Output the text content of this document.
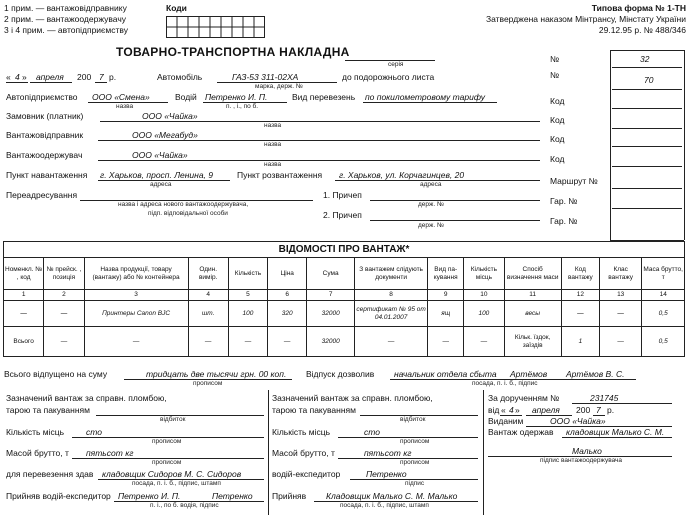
1 прим. — вантажовідправнику
2 прим. — вантажоодержувачу
3 і 4 прим. — автопідприємству
Коди	Типова форма № 1-ТН
Затверджена наказом Мінтрансу, Мінстату України
29.12.95 р. № 488/346
ТОВАРНО-ТРАНСПОРТНА НАКЛАДНА
серія
№	32
№	70
Код
Код
Код
Код
Маршрут №
Гар. №
Гар. №
« 4 » апреля 200 7 р.	Автомобіль	ГАЗ-53 311-02ХА	до подорожнього листа
марка, держ. №
Автопідприємство ООО «Смена»
назва
Водій Петренко И. П.
п. , і., по б.
Вид перевезень по покилометровому тарифу
Замовник (платник)	ООО «Чайка»
назва
Вантажовідправник	ООО «Мегабуд»
назва
Вантажоодержувач	ООО «Чайка»
назва
Пункт навантаження г. Харьков, просп. Ленина, 9
адреса
Пункт розвантаження г. Харьков, ул. Корчагинцев, 20
адреса
Переадресування
назва і адреса нового вантажоодержувача,
підп. відповідальної особи
1. Причеп
держ. №
2. Причеп
держ. №
ВІДОМОСТІ ПРО ВАНТАЖ*													
Номенкл. № , код	№ прейск. , позиція	Назва продукції, товару (вантажу) або № контейнера	Один. вимір.	Кількість	Ціна	Сума	З вантажем слідують документи	Вид па-кування	Кількість місць	Спосіб визначення маси	Код вантажу	Клас вантажу	Маса брутто, т
1	2	3	4	5	6	7	8	9	10	11	12	13	14
—	—	Принтеры Canon BJC	шт.	100	320	32000	сертификат № 95 от 04.01.2007	ящ	100	весы	—	—	0,5
Всього	—	—	—	—	—	32000	—	—	—	Кільк. їздок, заїздів	1	—	0,5
Всього відпущено на суму	тридцать две тысячи грн. 00 коп.
прописом
Відпуск дозволив начальник отдела сбыта Артёмов Артёмов В. С.
посада, п. і. б., підпис
Зазначений вантаж за справн. пломбою,
тарою та пакуванням
відбиток
Кількість місць	сто
прописом
Масой брутто, т пятьсот кг
прописом
для перевезення здав кладовщик Сидоров М. С. Сидоров
посада, п. і. б., підпис, штамп
Прийняв водій-експедитор Петренко И. П.	Петренко
п. і., по б. водія, підпис
Зазначений вантаж за справн. пломбою,
тарою та пакуванням
відбиток
Кількість місць	сто
прописом
Масой брутто, т	пятьсот кг
прописом
водій-експедитор	Петренко
підпис
Прийняв Кладовщик Малько С. М. Малько
посада, п. і. б., підпис, штамп
За дорученням №	231745
від « 4 » апреля 200 7 р.
Виданим	ООО «Чайка»
Вантаж одержав кладовщик Малько С. М.
Малько
підпис вантажоодержувача
